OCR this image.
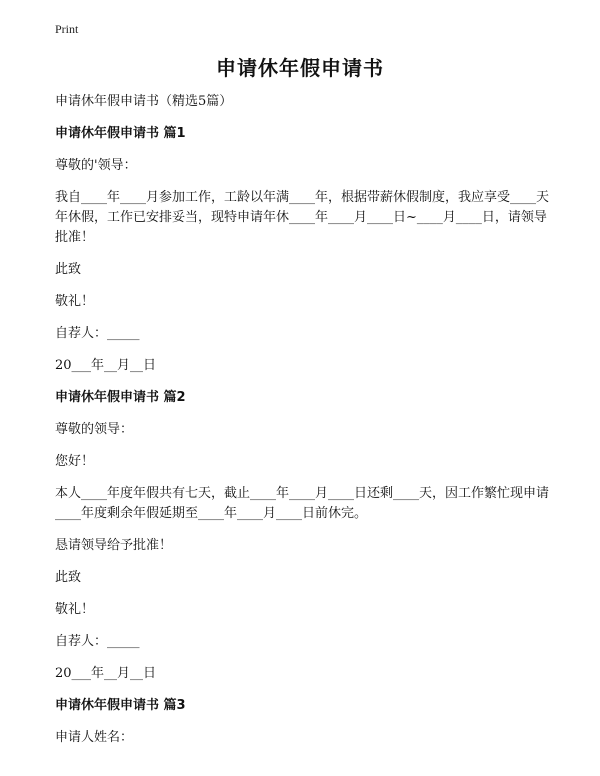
Print
申请休年假申请书

申请休年假申请书（精选5篇）

申请休年假申请书 篇1

尊敬的'领导：

我自____年____月参加工作，工龄以年满____年，根据带薪休假制度，我应享受____天年休假，工作已安排妥当，现特申请年休____年____月____日~____月____日，请领导批准！

此致

敬礼！

自荐人：_____

20___年__月__日

申请休年假申请书 篇2

尊敬的领导：

您好！

本人____年度年假共有七天，截止____年____月____日还剩____天，因工作繁忙现申请____年度剩余年假延期至____年____月____日前休完。

恳请领导给予批准！

此致

敬礼！

自荐人：_____

20___年__月__日

申请休年假申请书 篇3

申请人姓名：
